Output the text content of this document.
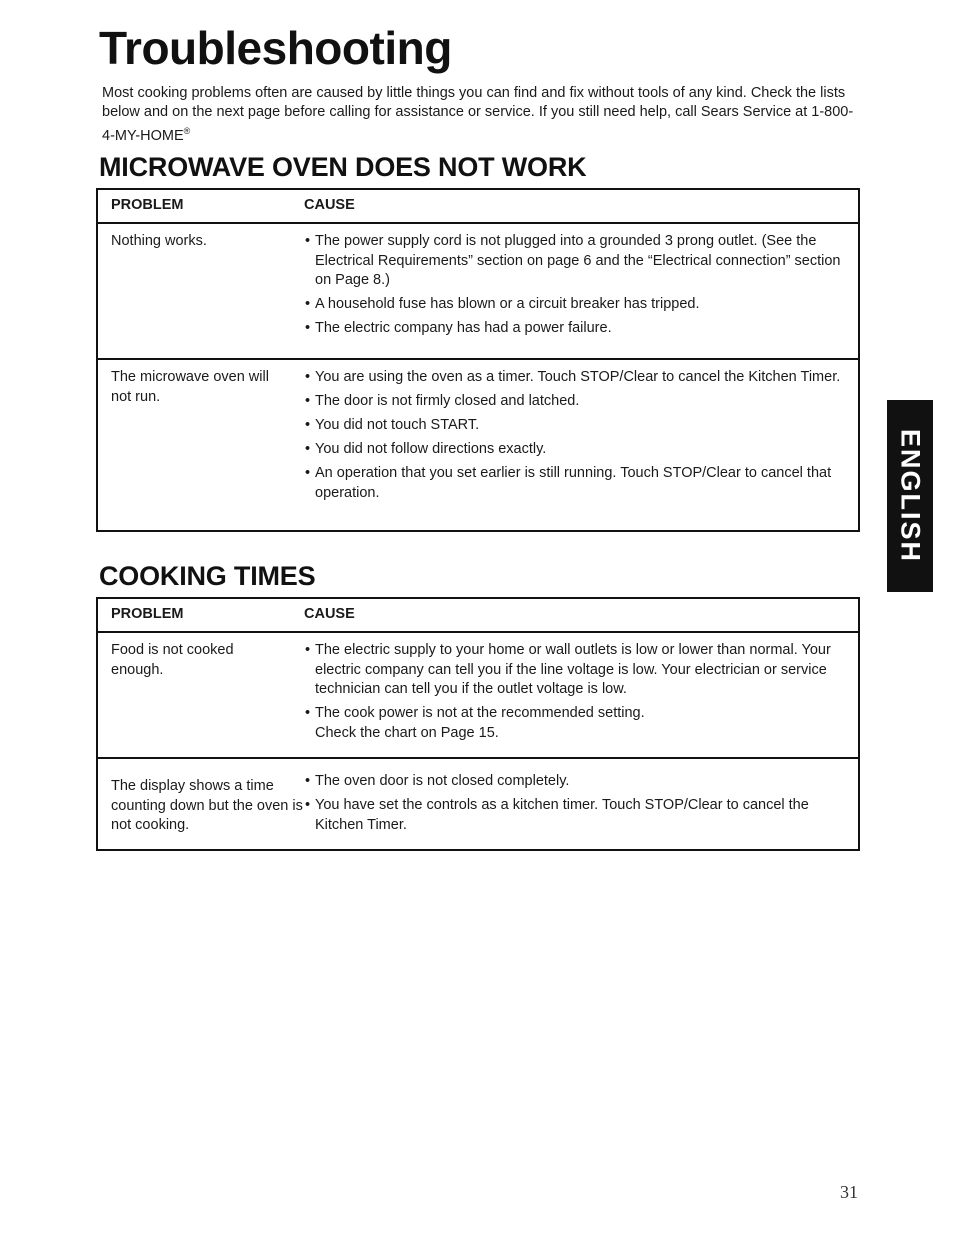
Troubleshooting

Most cooking problems often are caused by little things you can find and fix without tools of any kind. Check the lists below and on the next page before calling for assistance or service. If you still need help, call Sears Service at 1-800-4-MY-HOME®

MICROWAVE OVEN DOES NOT WORK
PROBLEM	CAUSE
Nothing works.
•	The power supply cord is not plugged into a grounded 3 prong outlet. (See the Electrical Requirements” section on page 6 and the “Electrical connection” section on Page 8.)
• A household fuse has blown or a circuit breaker has tripped.
• The electric company has had a power failure.
The microwave oven will not run.
• You are using the oven as a timer. Touch STOP/Clear to cancel the Kitchen Timer.
• The door is not firmly closed and latched.
• You did not touch START.
• You did not follow directions exactly.
• An operation that you set earlier is still running. Touch STOP/Clear to cancel that operation.
COOKING TIMES
PROBLEM	CAUSE
Food is not cooked enough.
• The electric supply to your home or wall outlets is low or lower than normal. Your electric company can tell you if the line voltage is low. Your electrician or service technician can tell you if the outlet voltage is low.
• The cook power is not at the recommended setting. Check the chart on Page 15.
The display shows a time counting down but the oven is not cooking.
• The oven door is not closed completely.
• You have set the controls as a kitchen timer. Touch STOP/Clear to cancel the Kitchen Timer.
ENGLISH
31
